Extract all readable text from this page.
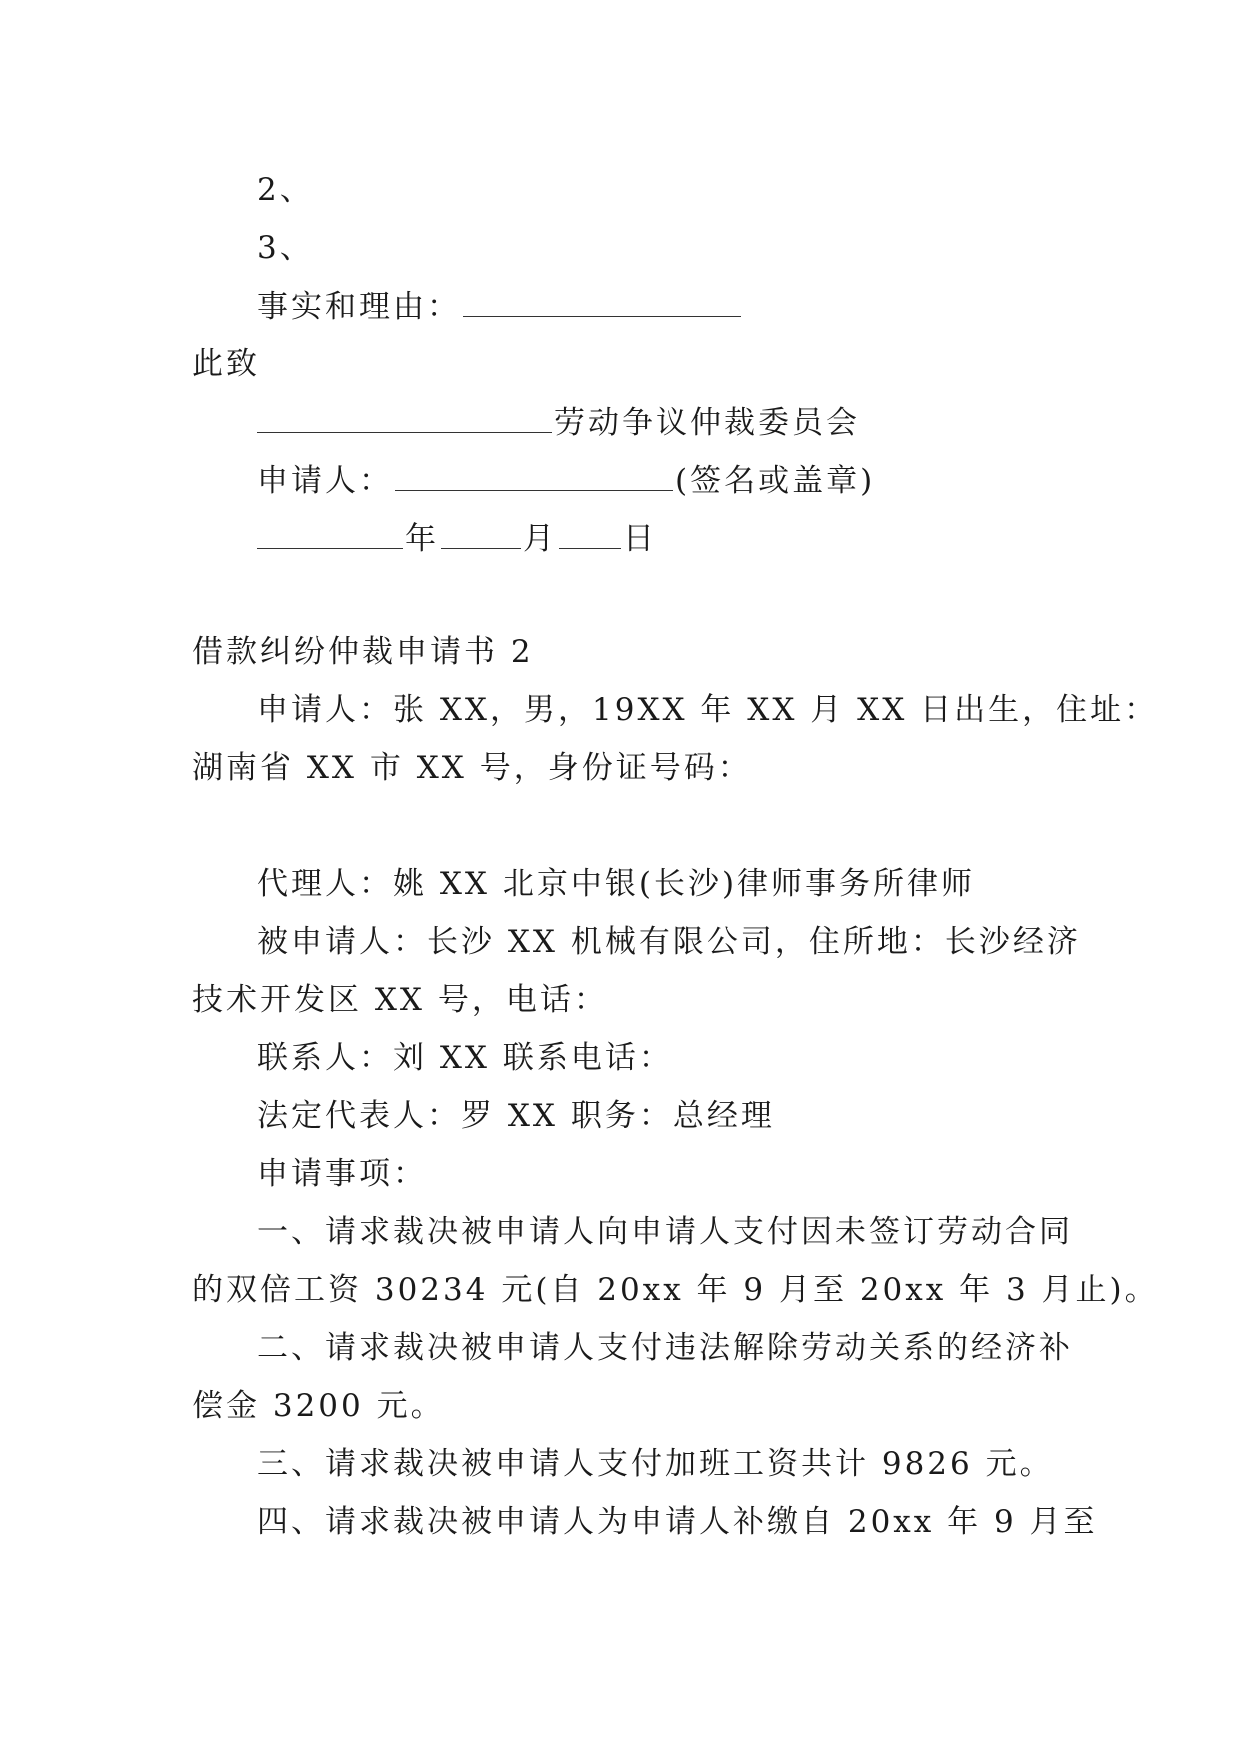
2、
3、
事实和理由：
此致
劳动争议仲裁委员会
申请人：	(签名或盖章)
年	月 日
借款纠纷仲裁申请书 2
申请人：张 XX，男，19XX 年 XX 月 XX 日出生，住址：
湖南省 XX 市 XX 号，身份证号码：
代理人：姚 XX 北京中银(长沙)律师事务所律师
被申请人：长沙 XX 机械有限公司，住所地：长沙经济
技术开发区 XX 号，电话：
联系人：刘 XX 联系电话：
法定代表人：罗 XX 职务：总经理
申请事项：
一、请求裁决被申请人向申请人支付因未签订劳动合同
的双倍工资 30234 元(自 20xx 年 9 月至 20xx 年 3 月止)。
二、请求裁决被申请人支付违法解除劳动关系的经济补
偿金 3200 元。
三、请求裁决被申请人支付加班工资共计 9826 元。
四、请求裁决被申请人为申请人补缴自 20xx 年 9 月至
